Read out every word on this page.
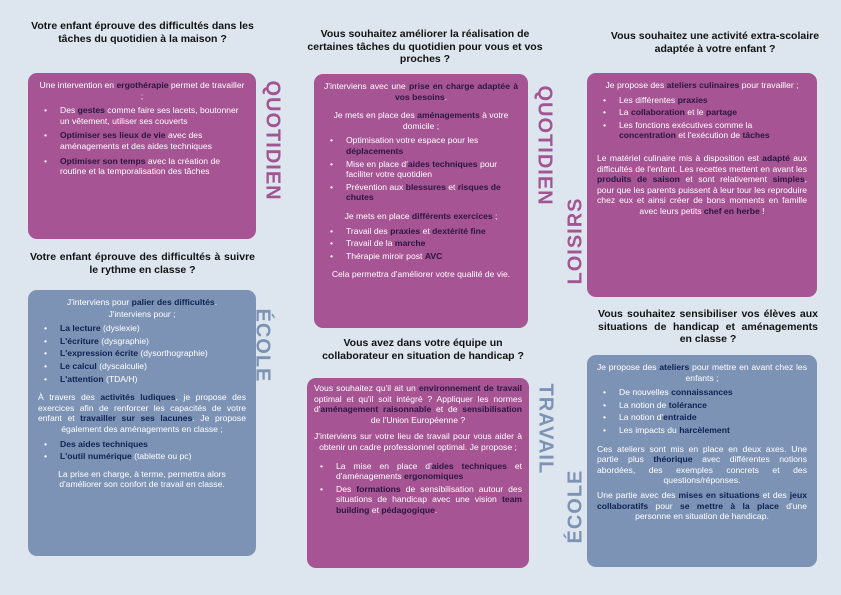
Votre enfant éprouve des difficultés dans les tâches du quotidien à la maison ?

Une intervention en ergothérapie permet de travailler ;

• Des gestes comme faire ses lacets, boutonner un vêtement, utiliser ses couverts
• Optimiser ses lieux de vie avec des aménagements et des aides techniques
• Optimiser son temps avec la création de routine et la temporalisation des tâches	QUOTIDIEN
Votre enfant éprouve des difficultés à suivre le rythme en classe ?

J'interviens pour palier des difficultés.

J'interviens pour ;

• La lecture (dyslexie)
• L'écriture (dysgraphie)
• L'expression écrite (dysorthographie)
• Le calcul (dyscalculie)
• L'attention (TDA/H)

À travers des activités ludiques, je propose des exercices afin de renforcer les capacités de votre enfant et travailler sur ses lacunes. Je propose également des aménagements en classe ;

• Des aides techniques
• L'outil numérique (tablette ou pc)

La prise en charge, à terme, permettra alors d'améliorer son confort de travail en classe.

ÉCOLE
Vous souhaitez améliorer la réalisation de certaines tâches du quotidien pour vous et vos proches ?

J'interviens avec une prise en charge adaptée à vos besoins.

Je mets en place des aménagements à votre domicile ;

• Optimisation votre espace pour les déplacements
• Mise en place d'aides techniques pour faciliter votre quotidien
• Prévention aux blessures et risques de chutes

Je mets en place différents exercices ;

• Travail des praxies et dextérité fine
• Travail de la marche
• Thérapie miroir post AVC

Cela permettra d'améliorer votre qualité de vie.

QUOTIDIEN
Vous avez dans votre équipe un collaborateur en situation de handicap ?

Vous souhaitez qu'il ait un environnement de travail optimal et qu'il soit intégré ? Appliquer les normes d'aménagement raisonnable et de sensibilisation de l'Union Européenne ?

J'interviens sur votre lieu de travail pour vous aider à obtenir un cadre professionnel optimal. Je propose ;

• La mise en place d'aides techniques et d'aménagements ergonomiques
• Des formations de sensibilisation autour des situations de handicap avec une vision team building et pédagogique.
TRAVAIL
Vous souhaitez une activité extra-scolaire adaptée à votre enfant ?

Je propose des ateliers culinaires pour travailler ;

• Les différentes praxies
• La collaboration et le partage
• Les fonctions exécutives comme la concentration et l'exécution de tâches

Le matériel culinaire mis à disposition est adapté aux difficultés de l'enfant. Les recettes mettent en avant les produits de saison et sont relativement simples, pour que les parents puissent à leur tour les reproduire chez eux et ainsi créer de bons moments en famille avec leurs petits chef en herbe !

LOISIRS
Vous souhaitez sensibiliser vos élèves aux situations de handicap et aménagements en classe ?

Je propose des ateliers pour mettre en avant chez les enfants ;

• De nouvelles connaissances
• La notion de tolérance
• La notion d'entraide
• Les impacts du harcèlement

Ces ateliers sont mis en place en deux axes. Une partie plus théorique avec différentes notions abordées, des exemples concrets et des questions/réponses.

Une partie avec des mises en situations et des jeux collaboratifs pour se mettre à la place d'une personne en situation de handicap.

ÉCOLE
